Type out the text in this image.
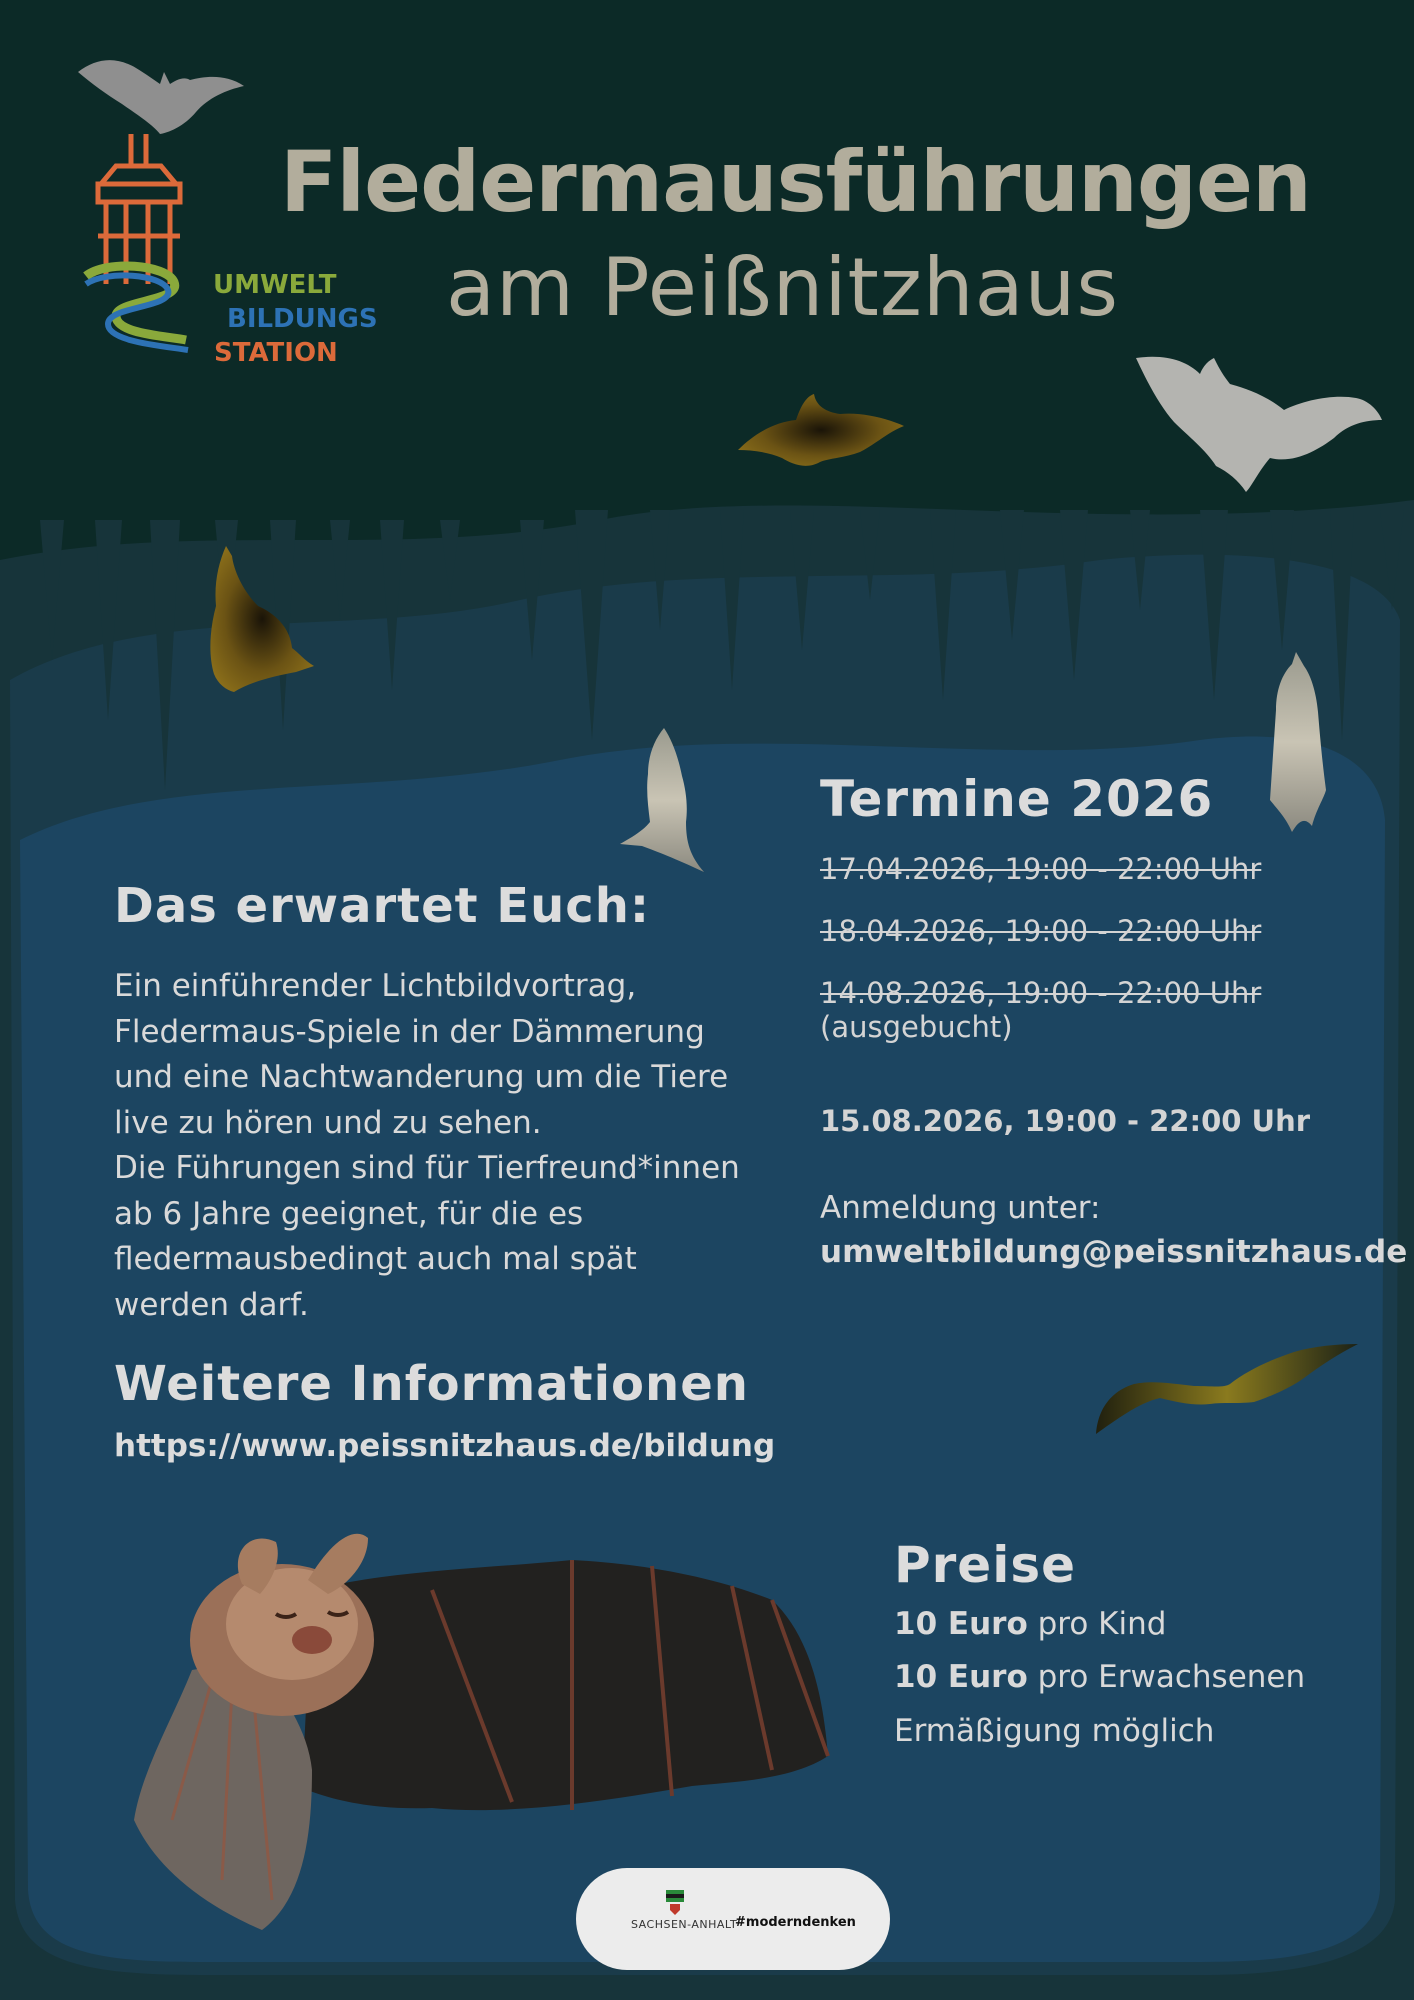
UMWELT
BILDUNGS
STATION
Fledermausführungen
am Peißnitzhaus
Das erwartet Euch:

Ein einführender Lichtbildvortrag,

Fledermaus-Spiele in der Dämmerung

und eine Nachtwanderung um die Tiere

live zu hören und zu sehen.

Die Führungen sind für Tierfreund*innen

ab 6 Jahre geeignet, für die es

fledermausbedingt auch mal spät

werden darf.

Weitere Informationen
https://www.peissnitzhaus.de/bildung
Termine 2026
17.04.2026, 19:00 - 22:00 Uhr
18.04.2026, 19:00 - 22:00 Uhr
14.08.2026, 19:00 - 22:00 Uhr
(ausgebucht)
15.08.2026, 19:00 - 22:00 Uhr
Anmeldung unter:
umweltbildung@peissnitzhaus.de
Preise
10 Euro pro Kind
10 Euro pro Erwachsenen
Ermäßigung möglich
SACHSEN-ANHALT
#moderndenken
